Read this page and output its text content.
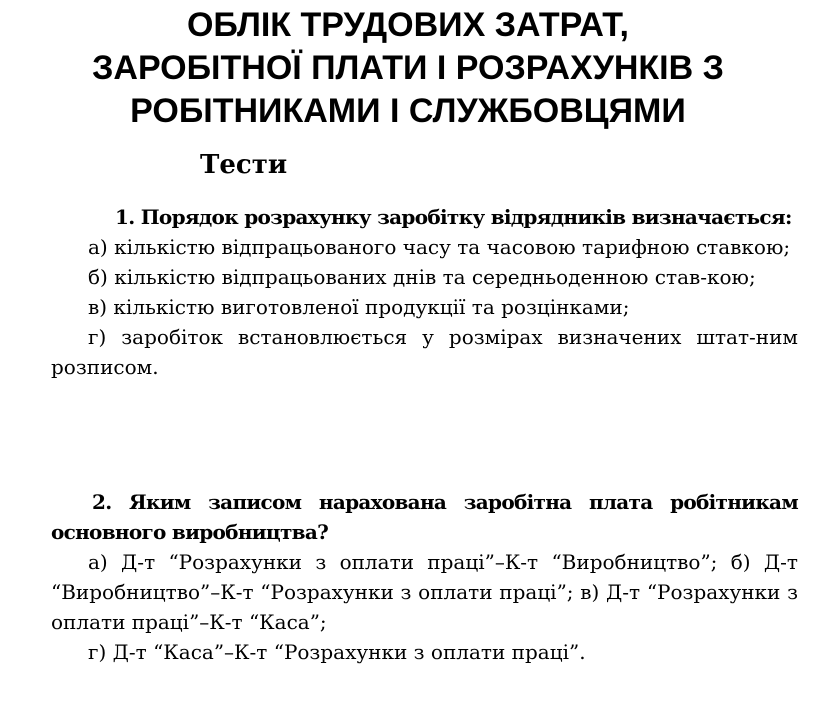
ОБЛІК ТРУДОВИХ ЗАТРАТ,
ЗАРОБІТНОЇ ПЛАТИ І РОЗРАХУНКІВ З
РОБІТНИКАМИ І СЛУЖБОВЦЯМИ
Тести
1. Порядок розрахунку заробітку відрядників визначається:

а) кількістю відпрацьованого часу та часовою тарифною ставкою;

б) кількістю відпрацьованих днів та середньоденною став-кою;

в) кількістю виготовленої продукції та розцінками;

г) заробіток встановлюється у розмірах визначених штат-ним розписом.

2. Яким записом нарахована заробітна плата робітникам основного виробництва?

а) Д-т “Розрахунки з оплати праці”–К-т “Виробництво”; б) Д-т “Виробництво”–К-т “Розрахунки з оплати праці”; в) Д-т “Розрахунки з оплати праці”–К-т “Каса”;

г) Д-т “Каса”–К-т “Розрахунки з оплати праці”.
